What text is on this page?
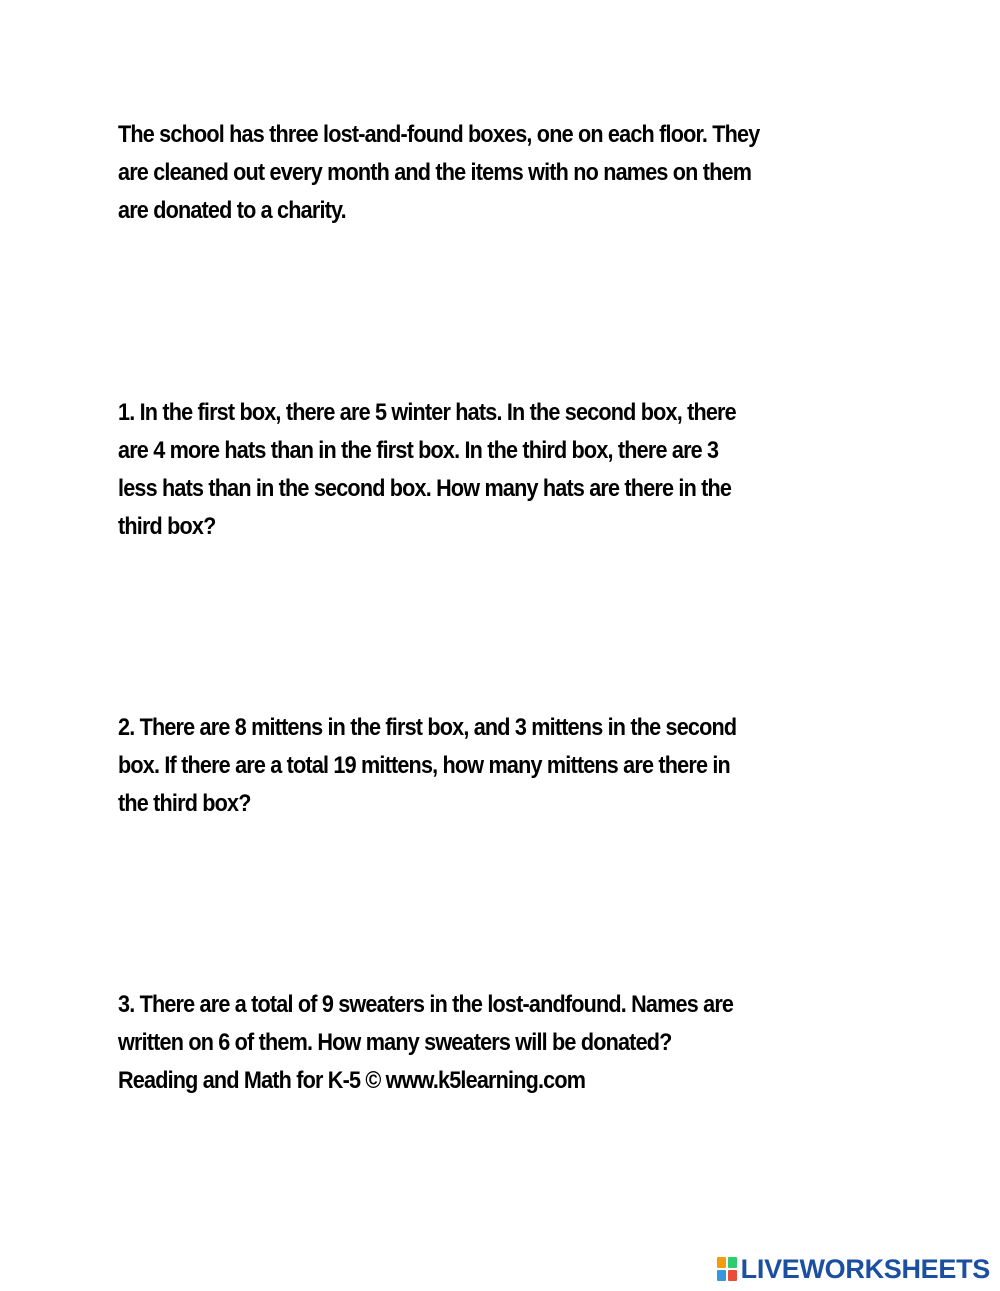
The school has three lost-and-found boxes, one on each floor. They
are cleaned out every month and the items with no names on them
are donated to a charity.
1. In the first box, there are 5 winter hats. In the second box, there
are 4 more hats than in the first box. In the third box, there are 3
less hats than in the second box. How many hats are there in the
third box?
2. There are 8 mittens in the first box, and 3 mittens in the second
box. If there are a total 19 mittens, how many mittens are there in
the third box?
3. There are a total of 9 sweaters in the lost-andfound. Names are
written on 6 of them. How many sweaters will be donated?
Reading and Math for K-5 © www.k5learning.com
LIVEWORKSHEETS
